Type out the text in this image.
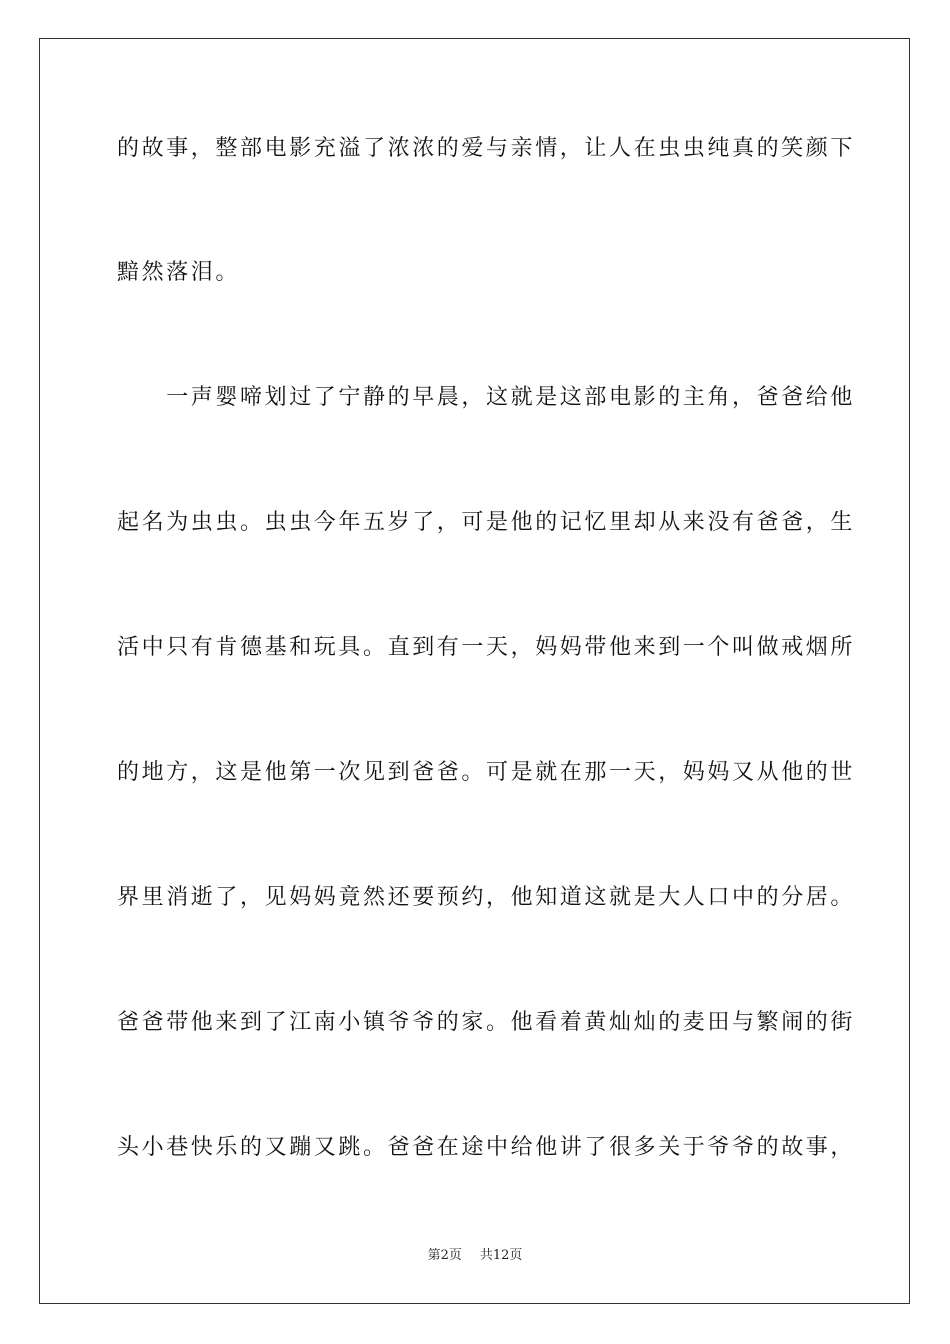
的故事，整部电影充溢了浓浓的爱与亲情，让人在虫虫纯真的笑颜下
黯然落泪。
　　一声婴啼划过了宁静的早晨，这就是这部电影的主角，爸爸给他
起名为虫虫。虫虫今年五岁了，可是他的记忆里却从来没有爸爸，生
活中只有肯德基和玩具。直到有一天，妈妈带他来到一个叫做戒烟所
的地方，这是他第一次见到爸爸。可是就在那一天，妈妈又从他的世
界里消逝了，见妈妈竟然还要预约，他知道这就是大人口中的分居。
爸爸带他来到了江南小镇爷爷的家。他看着黄灿灿的麦田与繁闹的街
头小巷快乐的又蹦又跳。爸爸在途中给他讲了很多关于爷爷的故事，
第2页 共12页
